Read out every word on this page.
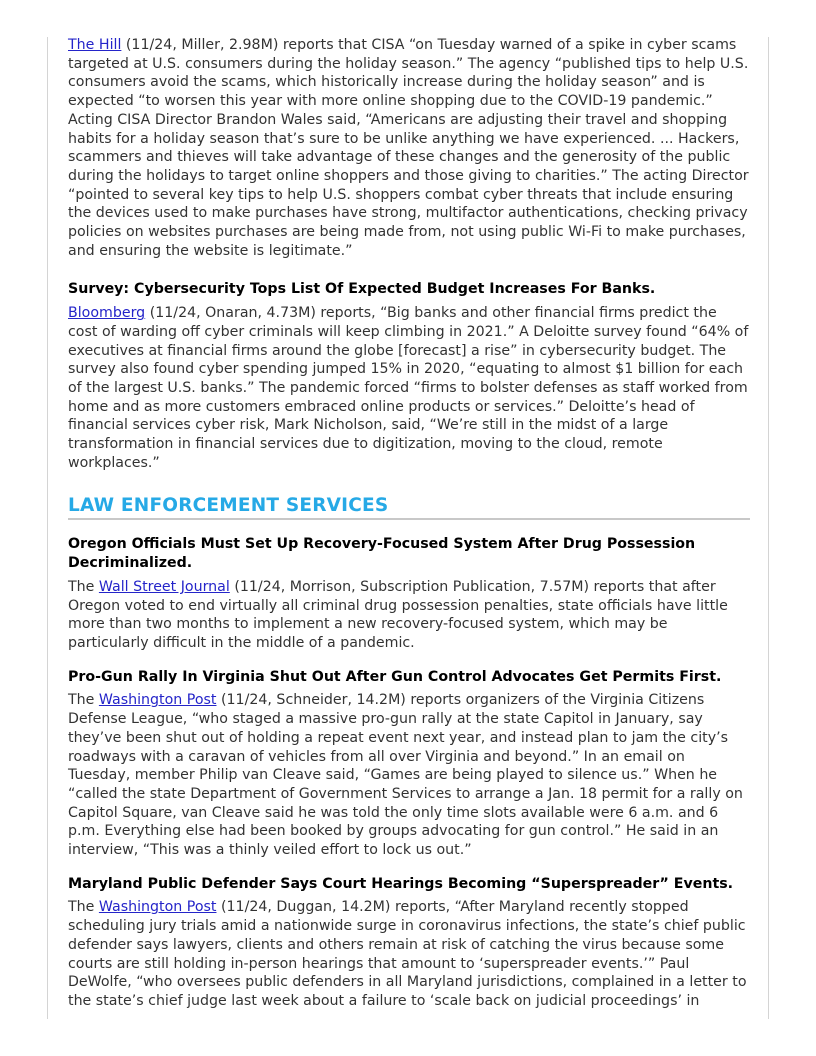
The Hill (11/24, Miller, 2.98M) reports that CISA “on Tuesday warned of a spike in cyber scams targeted at U.S. consumers during the holiday season.” The agency “published tips to help U.S. consumers avoid the scams, which historically increase during the holiday season” and is expected “to worsen this year with more online shopping due to the COVID-19 pandemic.” Acting CISA Director Brandon Wales said, “Americans are adjusting their travel and shopping habits for a holiday season that’s sure to be unlike anything we have experienced. ... Hackers, scammers and thieves will take advantage of these changes and the generosity of the public during the holidays to target online shoppers and those giving to charities.” The acting Director “pointed to several key tips to help U.S. shoppers combat cyber threats that include ensuring the devices used to make purchases have strong, multifactor authentications, checking privacy policies on websites purchases are being made from, not using public Wi-Fi to make purchases, and ensuring the website is legitimate.”

Survey: Cybersecurity Tops List Of Expected Budget Increases For Banks.

Bloomberg (11/24, Onaran, 4.73M) reports, “Big banks and other financial firms predict the cost of warding off cyber criminals will keep climbing in 2021.” A Deloitte survey found “64% of executives at financial firms around the globe [forecast] a rise” in cybersecurity budget. The survey also found cyber spending jumped 15% in 2020, “equating to almost $1 billion for each of the largest U.S. banks.” The pandemic forced “firms to bolster defenses as staff worked from home and as more customers embraced online products or services.” Deloitte’s head of financial services cyber risk, Mark Nicholson, said, “We’re still in the midst of a large transformation in financial services due to digitization, moving to the cloud, remote workplaces.”

LAW ENFORCEMENT SERVICES
Oregon Officials Must Set Up Recovery-Focused System After Drug Possession Decriminalized.

The Wall Street Journal (11/24, Morrison, Subscription Publication, 7.57M) reports that after Oregon voted to end virtually all criminal drug possession penalties, state officials have little more than two months to implement a new recovery-focused system, which may be particularly difficult in the middle of a pandemic.

Pro-Gun Rally In Virginia Shut Out After Gun Control Advocates Get Permits First.

The Washington Post (11/24, Schneider, 14.2M) reports organizers of the Virginia Citizens Defense League, “who staged a massive pro-gun rally at the state Capitol in January, say they’ve been shut out of holding a repeat event next year, and instead plan to jam the city’s roadways with a caravan of vehicles from all over Virginia and beyond.” In an email on Tuesday, member Philip van Cleave said, “Games are being played to silence us.” When he “called the state Department of Government Services to arrange a Jan. 18 permit for a rally on Capitol Square, van Cleave said he was told the only time slots available were 6 a.m. and 6 p.m. Everything else had been booked by groups advocating for gun control.” He said in an interview, “This was a thinly veiled effort to lock us out.”

Maryland Public Defender Says Court Hearings Becoming “Superspreader” Events.

The Washington Post (11/24, Duggan, 14.2M) reports, “After Maryland recently stopped scheduling jury trials amid a nationwide surge in coronavirus infections, the state’s chief public defender says lawyers, clients and others remain at risk of catching the virus because some courts are still holding in-person hearings that amount to ‘superspreader events.’” Paul DeWolfe, “who oversees public defenders in all Maryland jurisdictions, complained in a letter to the state’s chief judge last week about a failure to ‘scale back on judicial proceedings’ in
